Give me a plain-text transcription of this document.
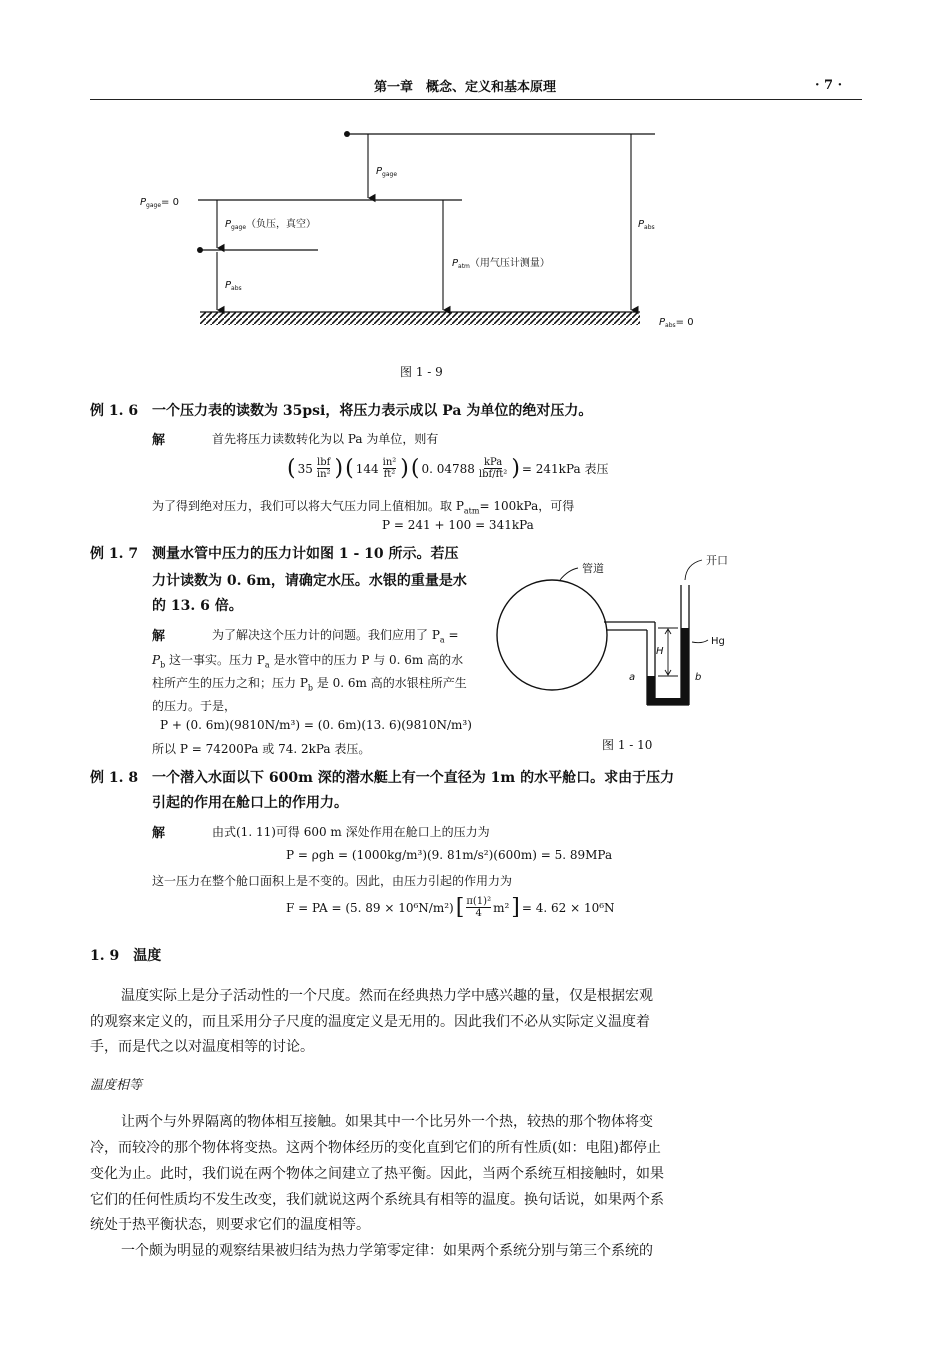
第一章　概念、定义和基本原理	· 7 ·
$P_{gage}= 0$
$P_{gage}$
$P_{gage}$（负压，真空）
$P_{abs}$
$P_{atm}$（用气压计测量）
$P_{abs}$
$P_{abs}= 0$
图 1 - 9
例 1. 6 一个压力表的读数为 35psi，将压力表示成以 Pa 为单位的绝对压力。
解	首先将压力读数转化为以 Pa 为单位，则有
( 35 lbf
in² ) ( 144 in²
ft² ) ( 0. 04788 kPa
lbf/ft² ) = 241kPa 表压
为了得到绝对压力，我们可以将大气压力同上值相加。取 $P_{atm}= 100kPa$，可得
P = 241 + 100 = 341kPa
例 1. 7 测量水管中压力的压力计如图 1 - 10 所示。若压
力计读数为 0. 6m，请确定水压。水银的重量是水
的 13. 6 倍。
解	为了解决这个压力计的问题。我们应用了 $P_a$ =
$P_b$ 这一事实。压力 $P_a$ 是水管中的压力 P 与 0. 6m 高的水
柱所产生的压力之和；压力 $P_b$ 是 0. 6m 高的水银柱所产生
的压力。于是，
P + (0. 6m)(9810N/m³) = (0. 6m)(13. 6)(9810N/m³)
所以 P = 74200Pa 或 74. 2kPa 表压。
H
管道
开口
Hg
a	b
图 1 - 10
例 1. 8 一个潜入水面以下 600m 深的潜水艇上有一个直径为 1m 的水平舱口。求由于压力
引起的作用在舱口上的作用力。
解	由式(1. 11)可得 600 m 深处作用在舱口上的压力为
P = ρgh = (1000kg/m³)(9. 81m/s²)(600m) = 5. 89MPa
这一压力在整个舱口面积上是不变的。因此，由压力引起的作用力为
F = PA = (5. 89 × 10⁶N/m²) [ π(1)²
4 m² ] = 4. 62 × 10⁶N
1. 9　温度
温度实际上是分子活动性的一个尺度。然而在经典热力学中感兴趣的量，仅是根据宏观
的观察来定义的，而且采用分子尺度的温度定义是无用的。因此我们不必从实际定义温度着
手，而是代之以对温度相等的讨论。
温度相等
让两个与外界隔离的物体相互接触。如果其中一个比另外一个热，较热的那个物体将变
冷，而较冷的那个物体将变热。这两个物体经历的变化直到它们的所有性质(如：电阻)都停止
变化为止。此时，我们说在两个物体之间建立了热平衡。因此，当两个系统互相接触时，如果
它们的任何性质均不发生改变，我们就说这两个系统具有相等的温度。换句话说，如果两个系
统处于热平衡状态，则要求它们的温度相等。
一个颇为明显的观察结果被归结为热力学第零定律：如果两个系统分别与第三个系统的
